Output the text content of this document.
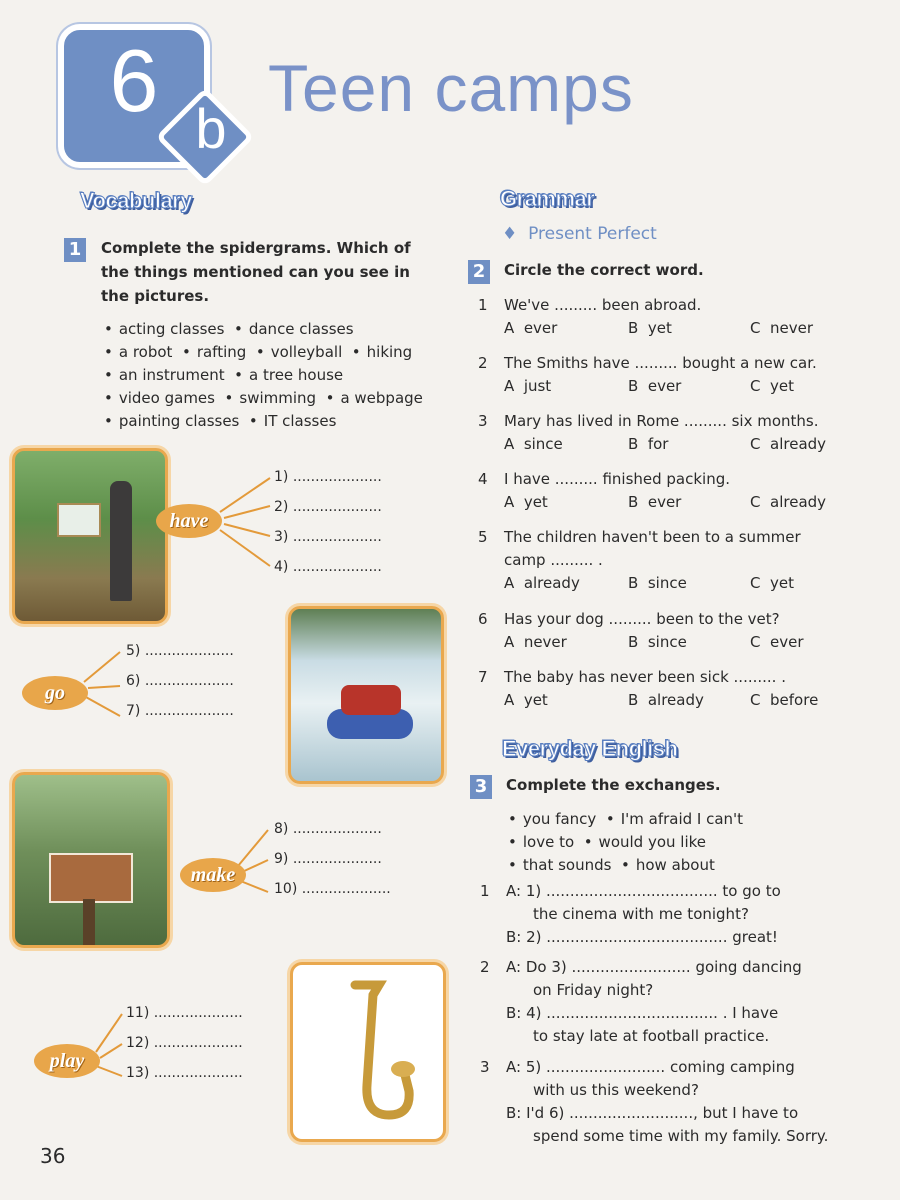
6 b
Teen camps
Vocabulary
1	Complete the spidergrams. Which of the things mentioned can you see in the pictures.
• acting classes • dance classes
• a robot • rafting • volleyball • hiking
• an instrument • a tree house
• video games • swimming • a webpage
• painting classes • IT classes
have
1) ....................
2) ....................
3) ....................
4) ....................
go
5) ....................
6) ....................
7) ....................
make
8) ....................
9) ....................
10) ....................
play
11) ....................
12) ....................
13) ....................
Grammar
♦  Present Perfect
2	Circle the correct word.
1	We've ......... been abroad.
A ever	B yet	C never
2	The Smiths have ......... bought a new car.
A just	B ever	C yet
3	Mary has lived in Rome ......... six months.
A since	B for	C already
4	I have ......... finished packing.
A yet	B ever	C already
5	The children haven't been to a summer
camp ......... .
A already	B since	C yet
6	Has your dog ......... been to the vet?
A never	B since	C ever
7	The baby has never been sick ......... .
A yet	B already	C before
Everyday English
3	Complete the exchanges.
• you fancy • I'm afraid I can't
• love to • would you like
• that sounds • how about
1	A: 1) .................................... to go to
the cinema with me tonight?
B: 2) ...................................... great!
2	A: Do 3) ......................... going dancing
on Friday night?
B: 4) .................................... . I have
to stay late at football practice.
3	A: 5) ......................... coming camping
with us this weekend?
B: I'd 6) .........................., but I have to
spend some time with my family. Sorry.
36
